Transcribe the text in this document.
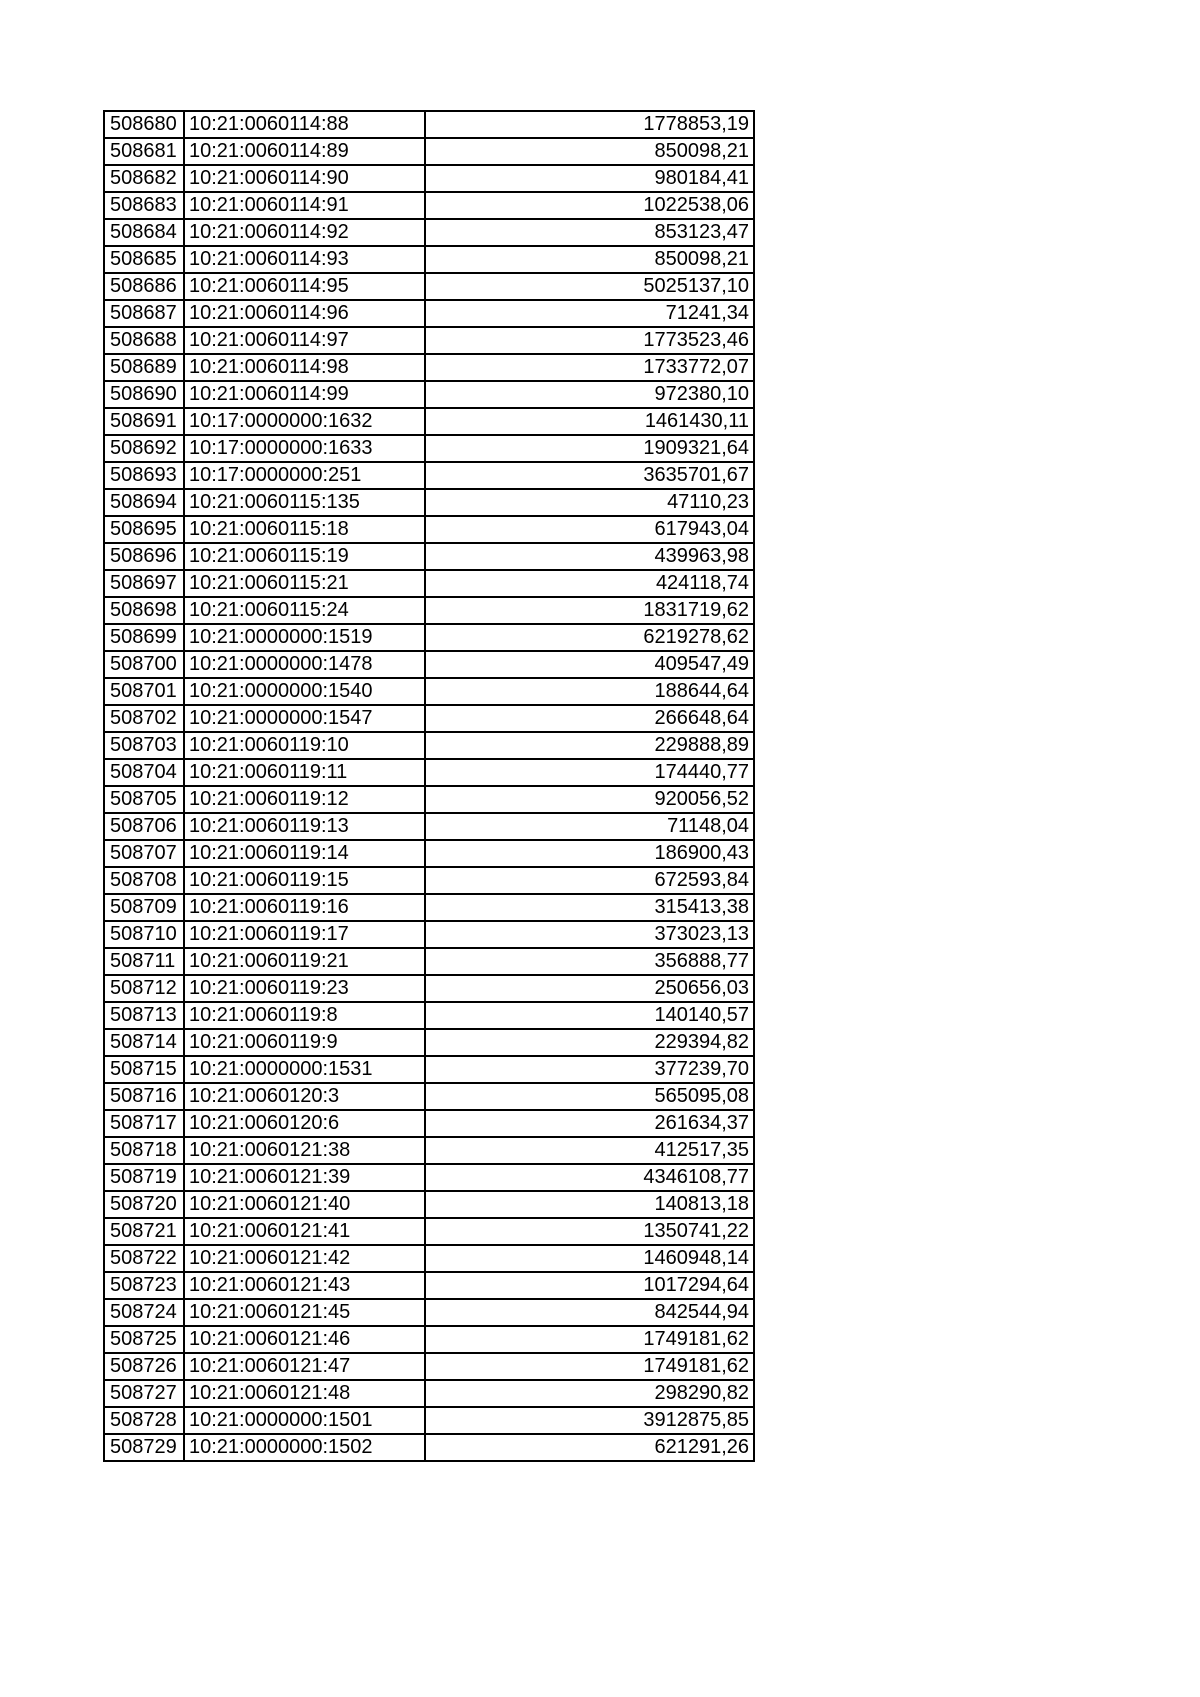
508680	10:21:0060114:88	1778853,19
508681	10:21:0060114:89	850098,21
508682	10:21:0060114:90	980184,41
508683	10:21:0060114:91	1022538,06
508684	10:21:0060114:92	853123,47
508685	10:21:0060114:93	850098,21
508686	10:21:0060114:95	5025137,10
508687	10:21:0060114:96	71241,34
508688	10:21:0060114:97	1773523,46
508689	10:21:0060114:98	1733772,07
508690	10:21:0060114:99	972380,10
508691	10:17:0000000:1632	1461430,11
508692	10:17:0000000:1633	1909321,64
508693	10:17:0000000:251	3635701,67
508694	10:21:0060115:135	47110,23
508695	10:21:0060115:18	617943,04
508696	10:21:0060115:19	439963,98
508697	10:21:0060115:21	424118,74
508698	10:21:0060115:24	1831719,62
508699	10:21:0000000:1519	6219278,62
508700	10:21:0000000:1478	409547,49
508701	10:21:0000000:1540	188644,64
508702	10:21:0000000:1547	266648,64
508703	10:21:0060119:10	229888,89
508704	10:21:0060119:11	174440,77
508705	10:21:0060119:12	920056,52
508706	10:21:0060119:13	71148,04
508707	10:21:0060119:14	186900,43
508708	10:21:0060119:15	672593,84
508709	10:21:0060119:16	315413,38
508710	10:21:0060119:17	373023,13
508711	10:21:0060119:21	356888,77
508712	10:21:0060119:23	250656,03
508713	10:21:0060119:8	140140,57
508714	10:21:0060119:9	229394,82
508715	10:21:0000000:1531	377239,70
508716	10:21:0060120:3	565095,08
508717	10:21:0060120:6	261634,37
508718	10:21:0060121:38	412517,35
508719	10:21:0060121:39	4346108,77
508720	10:21:0060121:40	140813,18
508721	10:21:0060121:41	1350741,22
508722	10:21:0060121:42	1460948,14
508723	10:21:0060121:43	1017294,64
508724	10:21:0060121:45	842544,94
508725	10:21:0060121:46	1749181,62
508726	10:21:0060121:47	1749181,62
508727	10:21:0060121:48	298290,82
508728	10:21:0000000:1501	3912875,85
508729	10:21:0000000:1502	621291,26
